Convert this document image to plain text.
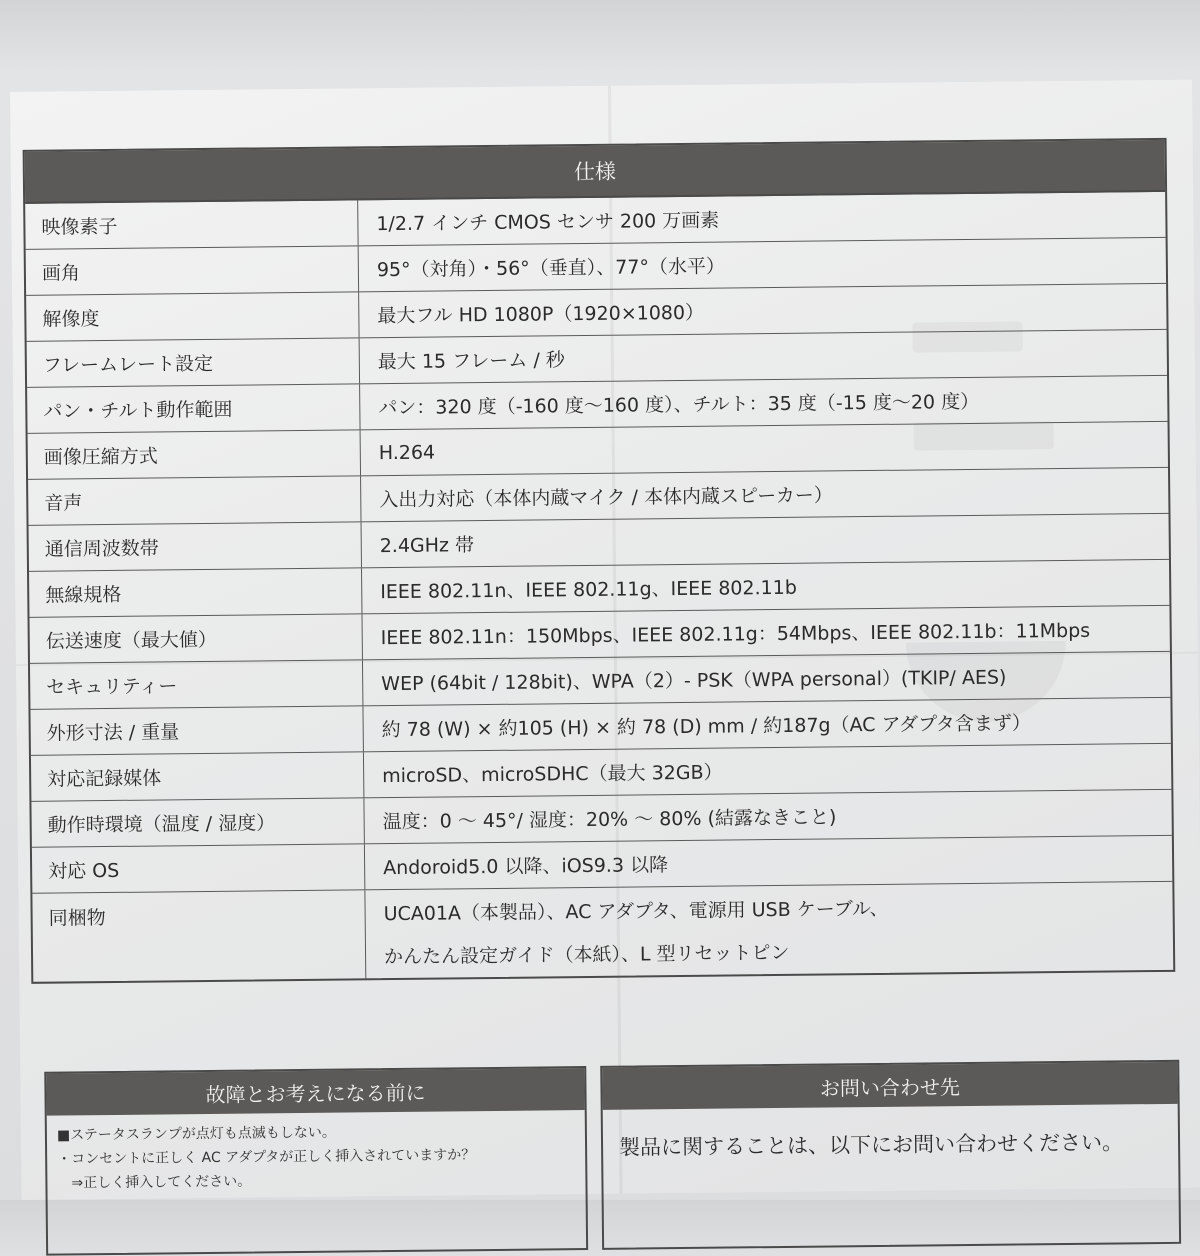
仕様
映像素子	1/2.7 インチ CMOS センサ 200 万画素
画角	95°（対角）・56°（垂直）、77°（水平）
解像度	最大フル HD 1080P（1920×1080）
フレームレート設定	最大 15 フレーム / 秒
パン・チルト動作範囲	パン：320 度（-160 度〜160 度）、チルト：35 度（-15 度〜20 度）
画像圧縮方式	H.264
音声	入出力対応（本体内蔵マイク / 本体内蔵スピーカー）
通信周波数帯	2.4GHz 帯
無線規格	IEEE 802.11n、IEEE 802.11g、IEEE 802.11b
伝送速度（最大値）	IEEE 802.11n：150Mbps、IEEE 802.11g：54Mbps、IEEE 802.11b：11Mbps
セキュリティー	WEP (64bit / 128bit)、WPA（2）- PSK（WPA personal）(TKIP/ AES)
外形寸法 / 重量	約 78 (W) × 約105 (H) × 約 78 (D) mm / 約187g（AC アダプタ含まず）
対応記録媒体	microSD、microSDHC（最大 32GB）
動作時環境（温度 / 湿度）	温度：0 〜 45°/ 湿度：20% 〜 80% (結露なきこと)
対応 OS	Andoroid5.0 以降、iOS9.3 以降
同梱物	UCA01A（本製品）、AC アダプタ、電源用 USB ケーブル、
かんたん設定ガイド（本紙）、L 型リセットピン
故障とお考えになる前に
■ステータスランプが点灯も点滅もしない。
・コンセントに正しく AC アダプタが正しく挿入されていますか？
　⇒正しく挿入してください。
お問い合わせ先
製品に関することは、以下にお問い合わせください。
